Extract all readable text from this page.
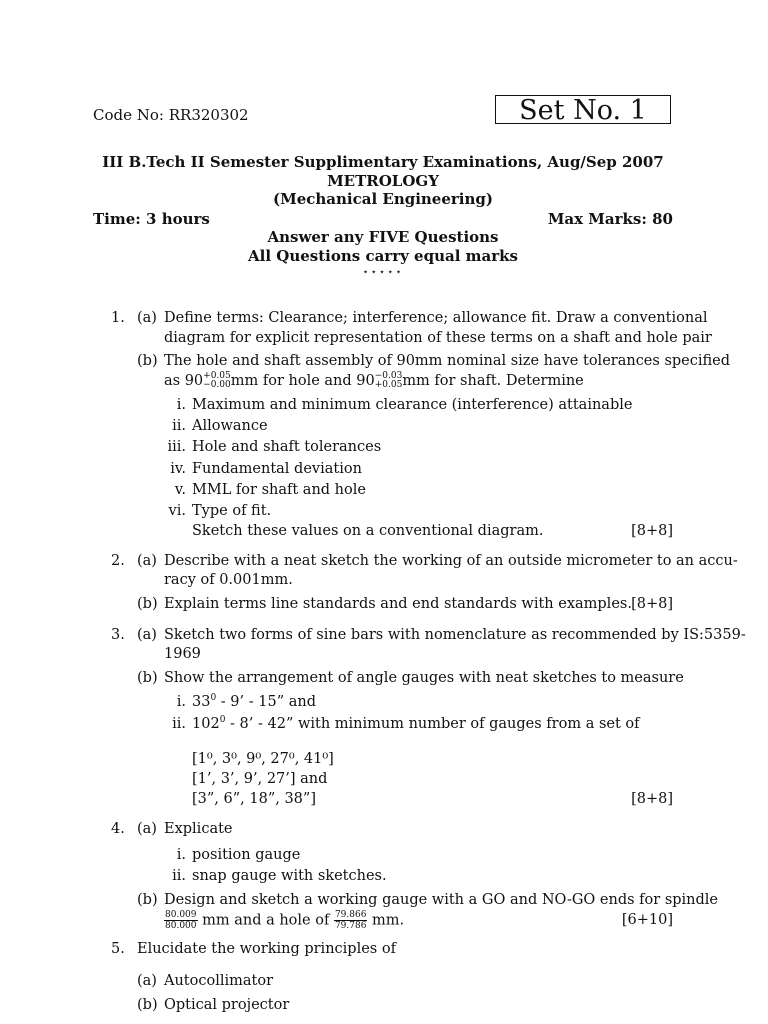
Code No: RR320302	Set No. 1
III B.Tech II Semester Supplimentary Examinations, Aug/Sep 2007
METROLOGY
(Mechanical Engineering)
Time: 3 hours	Max Marks: 80
Answer any FIVE Questions
All Questions carry equal marks
⋆⋆⋆⋆⋆
1. (a) Define terms: Clearance; interference; allowance fit. Draw a conventional
diagram for explicit representation of these terms on a shaft and hole pair
(b) The hole and shaft assembly of 90mm nominal size have tolerances specified
as 90 +0.05
−0.00 mm for hole and 90 −0.03
+0.05 mm for shaft. Determine
i. Maximum and minimum clearance (interference) attainable
ii. Allowance
iii. Hole and shaft tolerances
iv. Fundamental deviation
v. MML for shaft and hole
vi. Type of fit.
Sketch these values on a conventional diagram.	[8+8]
2. (a) Describe with a neat sketch the working of an outside micrometer to an accu-
racy of 0.001mm.
(b) Explain terms line standards and end standards with examples. [8+8]
3. (a) Sketch two forms of sine bars with nomenclature as recommended by IS:5359-
1969
(b) Show the arrangement of angle gauges with neat sketches to measure
i. $33^0 - 9$’ - 15” and
ii. $102^0 - 8$’ - 42” with minimum number of gauges from a set of
[1⁰, 3⁰, 9⁰, 27⁰, 41⁰]
[1’, 3’, 9’, 27’] and
[3”, 6”, 18”, 38”]	[8+8]
4. (a) Explicate
i. position gauge
ii. snap gauge with sketches.
(b) Design and sketch a working gauge with a GO and NO-GO ends for spindle
$\frac{80.009}{80.000}$ mm and a hole of $\frac{79.866}{79.786}$ mm.	[6+10]
5. Elucidate the working principles of
(a) Autocollimator
(b) Optical projector
